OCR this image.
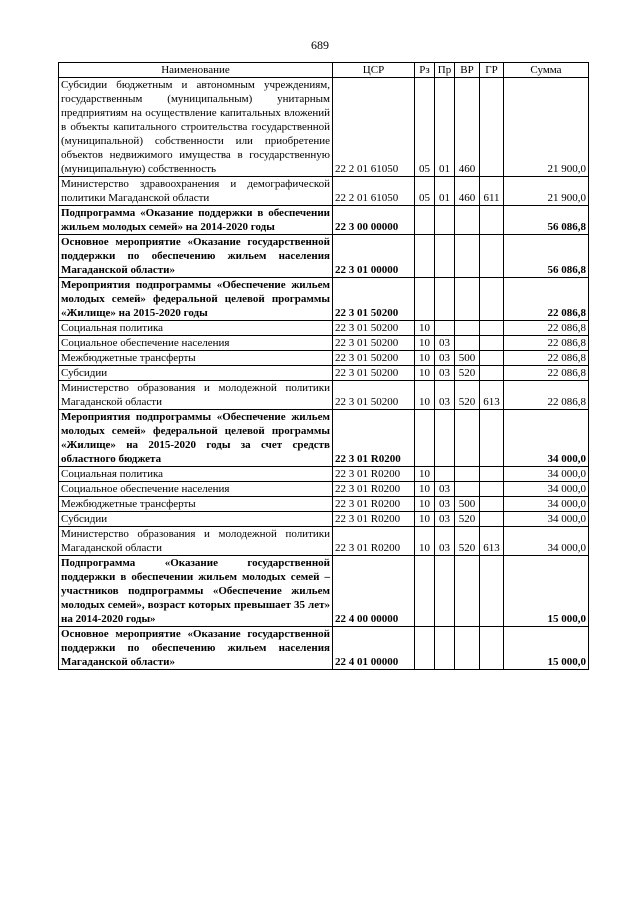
689
Наименование	ЦСР	Рз	Пр	ВР	ГР	Сумма
Субсидии бюджетным и автономным учреждениям, государственным (муниципальным) унитарным предприятиям на осуществление капитальных вложений в объекты капитального строительства государственной (муниципальной) собственности или приобретение объектов недвижимого имущества в государственную (муниципальную) собственность	22 2 01 61050	05	01	460		21 900,0
Министерство здравоохранения и демографической политики Магаданской области	22 2 01 61050	05	01	460	611	21 900,0
Подпрограмма «Оказание поддержки в обеспечении жильем молодых семей» на 2014-2020 годы	22 3 00 00000					56 086,8
Основное мероприятие «Оказание государственной поддержки по обеспечению жильем населения Магаданской области»	22 3 01 00000					56 086,8
Мероприятия подпрограммы «Обеспечение жильем молодых семей» федеральной целевой программы «Жилище» на 2015-2020 годы	22 3 01 50200					22 086,8
Социальная политика	22 3 01 50200	10				22 086,8
Социальное обеспечение населения	22 3 01 50200	10	03			22 086,8
Межбюджетные трансферты	22 3 01 50200	10	03	500		22 086,8
Субсидии	22 3 01 50200	10	03	520		22 086,8
Министерство образования и молодежной политики Магаданской области	22 3 01 50200	10	03	520	613	22 086,8
Мероприятия подпрограммы «Обеспечение жильем молодых семей» федеральной целевой программы «Жилище» на 2015-2020 годы за счет средств областного бюджета	22 3 01 R0200					34 000,0
Социальная политика	22 3 01 R0200	10				34 000,0
Социальное обеспечение населения	22 3 01 R0200	10	03			34 000,0
Межбюджетные трансферты	22 3 01 R0200	10	03	500		34 000,0
Субсидии	22 3 01 R0200	10	03	520		34 000,0
Министерство образования и молодежной политики Магаданской области	22 3 01 R0200	10	03	520	613	34 000,0
Подпрограмма «Оказание государственной поддержки в обеспечении жильем молодых семей – участников подпрограммы «Обеспечение жильем молодых семей», возраст которых превышает 35 лет» на 2014-2020 годы»	22 4 00 00000					15 000,0
Основное мероприятие «Оказание государственной поддержки по обеспечению жильем населения Магаданской области»	22 4 01 00000					15 000,0
